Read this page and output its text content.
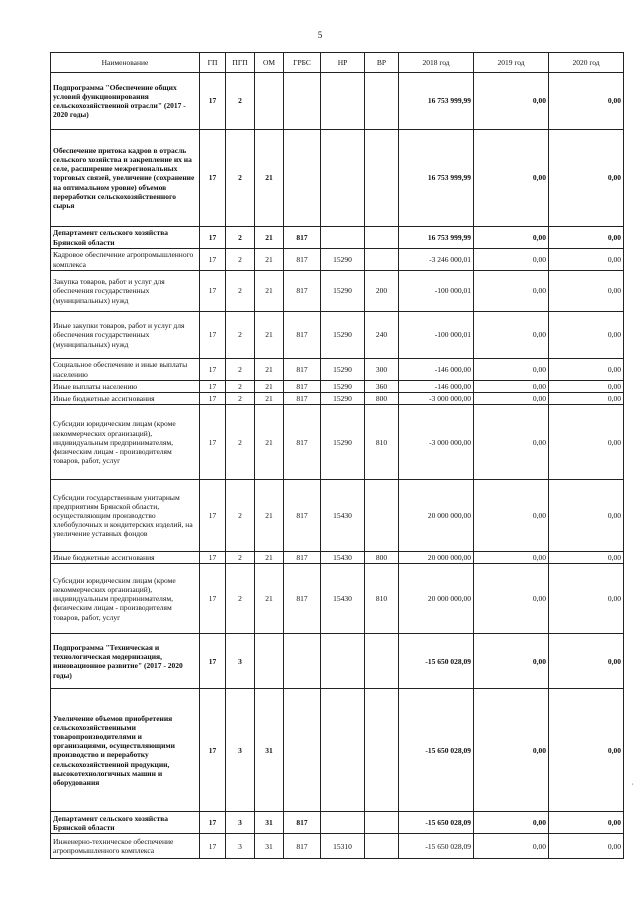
5
Наименование	ГП	ПГП	ОМ	ГРБС	НР	ВР	2018 год	2019 год	2020 год
Подпрограмма "Обеспечение общих условий функционирования сельскохозяйственной отрасли" (2017 - 2020 годы)	17	2					16 753 999,99	0,00	0,00
Обеспечение притока кадров в отрасль сельского хозяйства и закрепление их на селе, расширение межрегиональных торговых связей, увеличение (сохранение на оптимальном уровне) объемов переработки сельскохозяйственного сырья	17	2	21				16 753 999,99	0,00	0,00
Департамент сельского хозяйства Брянской области	17	2	21	817			16 753 999,99	0,00	0,00
Кадровое обеспечение агропромышленного комплекса	17	2	21	817	15290		-3 246 000,01	0,00	0,00
Закупка товаров, работ и услуг для обеспечения государственных (муниципальных) нужд	17	2	21	817	15290	200	-100 000,01	0,00	0,00
Иные закупки товаров, работ и услуг для обеспечения государственных (муниципальных) нужд	17	2	21	817	15290	240	-100 000,01	0,00	0,00
Социальное обеспечение и иные выплаты населению	17	2	21	817	15290	300	-146 000,00	0,00	0,00
Иные выплаты населению	17	2	21	817	15290	360	-146 000,00	0,00	0,00
Иные бюджетные ассигнования	17	2	21	817	15290	800	-3 000 000,00	0,00	0,00
Субсидии юридическим лицам (кроме некоммерческих организаций), индивидуальным предпринимателям, физическим лицам - производителям товаров, работ, услуг	17	2	21	817	15290	810	-3 000 000,00	0,00	0,00
Субсидии государственным унитарным предприятиям Брянской области, осуществляющим производство хлебобулочных и кондитерских изделий, на увеличение уставных фондов	17	2	21	817	15430		20 000 000,00	0,00	0,00
Иные бюджетные ассигнования	17	2	21	817	15430	800	20 000 000,00	0,00	0,00
Субсидии юридическим лицам (кроме некоммерческих организаций), индивидуальным предпринимателям, физическим лицам - производителям товаров, работ, услуг	17	2	21	817	15430	810	20 000 000,00	0,00	0,00
Подпрограмма "Техническая и технологическая модернизация, инновационное развитие" (2017 - 2020 годы)	17	3					-15 650 028,09	0,00	0,00
Увеличение объемов приобретения сельскохозяйственными товаропроизводителями и организациями, осуществляющими производство и переработку сельскохозяйственной продукции, высокотехнологичных машин и оборудования	17	3	31				-15 650 028,09	0,00	0,00
Департамент сельского хозяйства Брянской области	17	3	31	817			-15 650 028,09	0,00	0,00
Инженерно-техническое обеспечение агропромышленного комплекса	17	3	31	817	15310		-15 650 028,09	0,00	0,00
,
